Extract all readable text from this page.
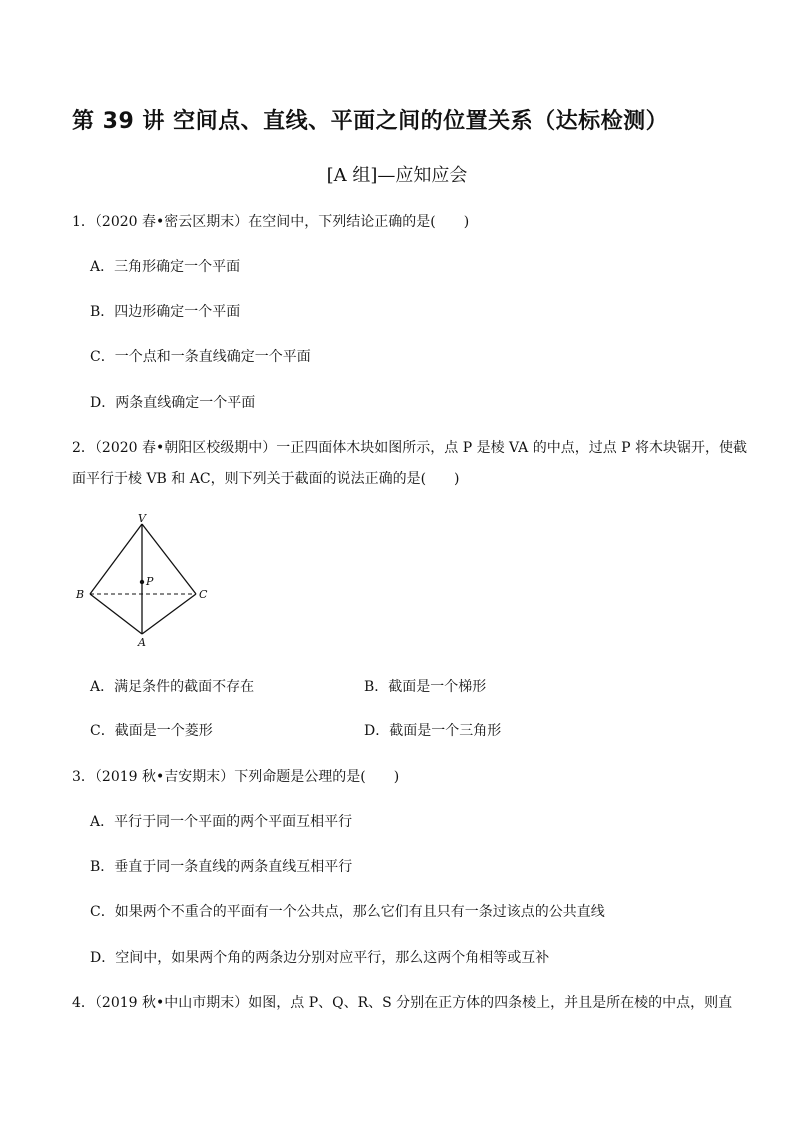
第 39 讲 空间点、直线、平面之间的位置关系（达标检测）
[A 组]—应知应会
1．（2020 春•密云区期末）在空间中，下列结论正确的是(　　)
A．三角形确定一个平面
B．四边形确定一个平面
C．一个点和一条直线确定一个平面
D．两条直线确定一个平面
2．（2020 春•朝阳区校级期中）一正四面体木块如图所示，点 P 是棱 VA 的中点，过点 P 将木块锯开，使截
面平行于棱 VB 和 AC，则下列关于截面的说法正确的是(　　)
V
P
B	C
A
A．满足条件的截面不存在	B．截面是一个梯形
C．截面是一个菱形	D．截面是一个三角形
3．（2019 秋•吉安期末）下列命题是公理的是(　　)
A．平行于同一个平面的两个平面互相平行
B．垂直于同一条直线的两条直线互相平行
C．如果两个不重合的平面有一个公共点，那么它们有且只有一条过该点的公共直线
D．空间中，如果两个角的两条边分别对应平行，那么这两个角相等或互补
4．（2019 秋•中山市期末）如图，点 P、Q、R、S 分别在正方体的四条棱上，并且是所在棱的中点，则直
